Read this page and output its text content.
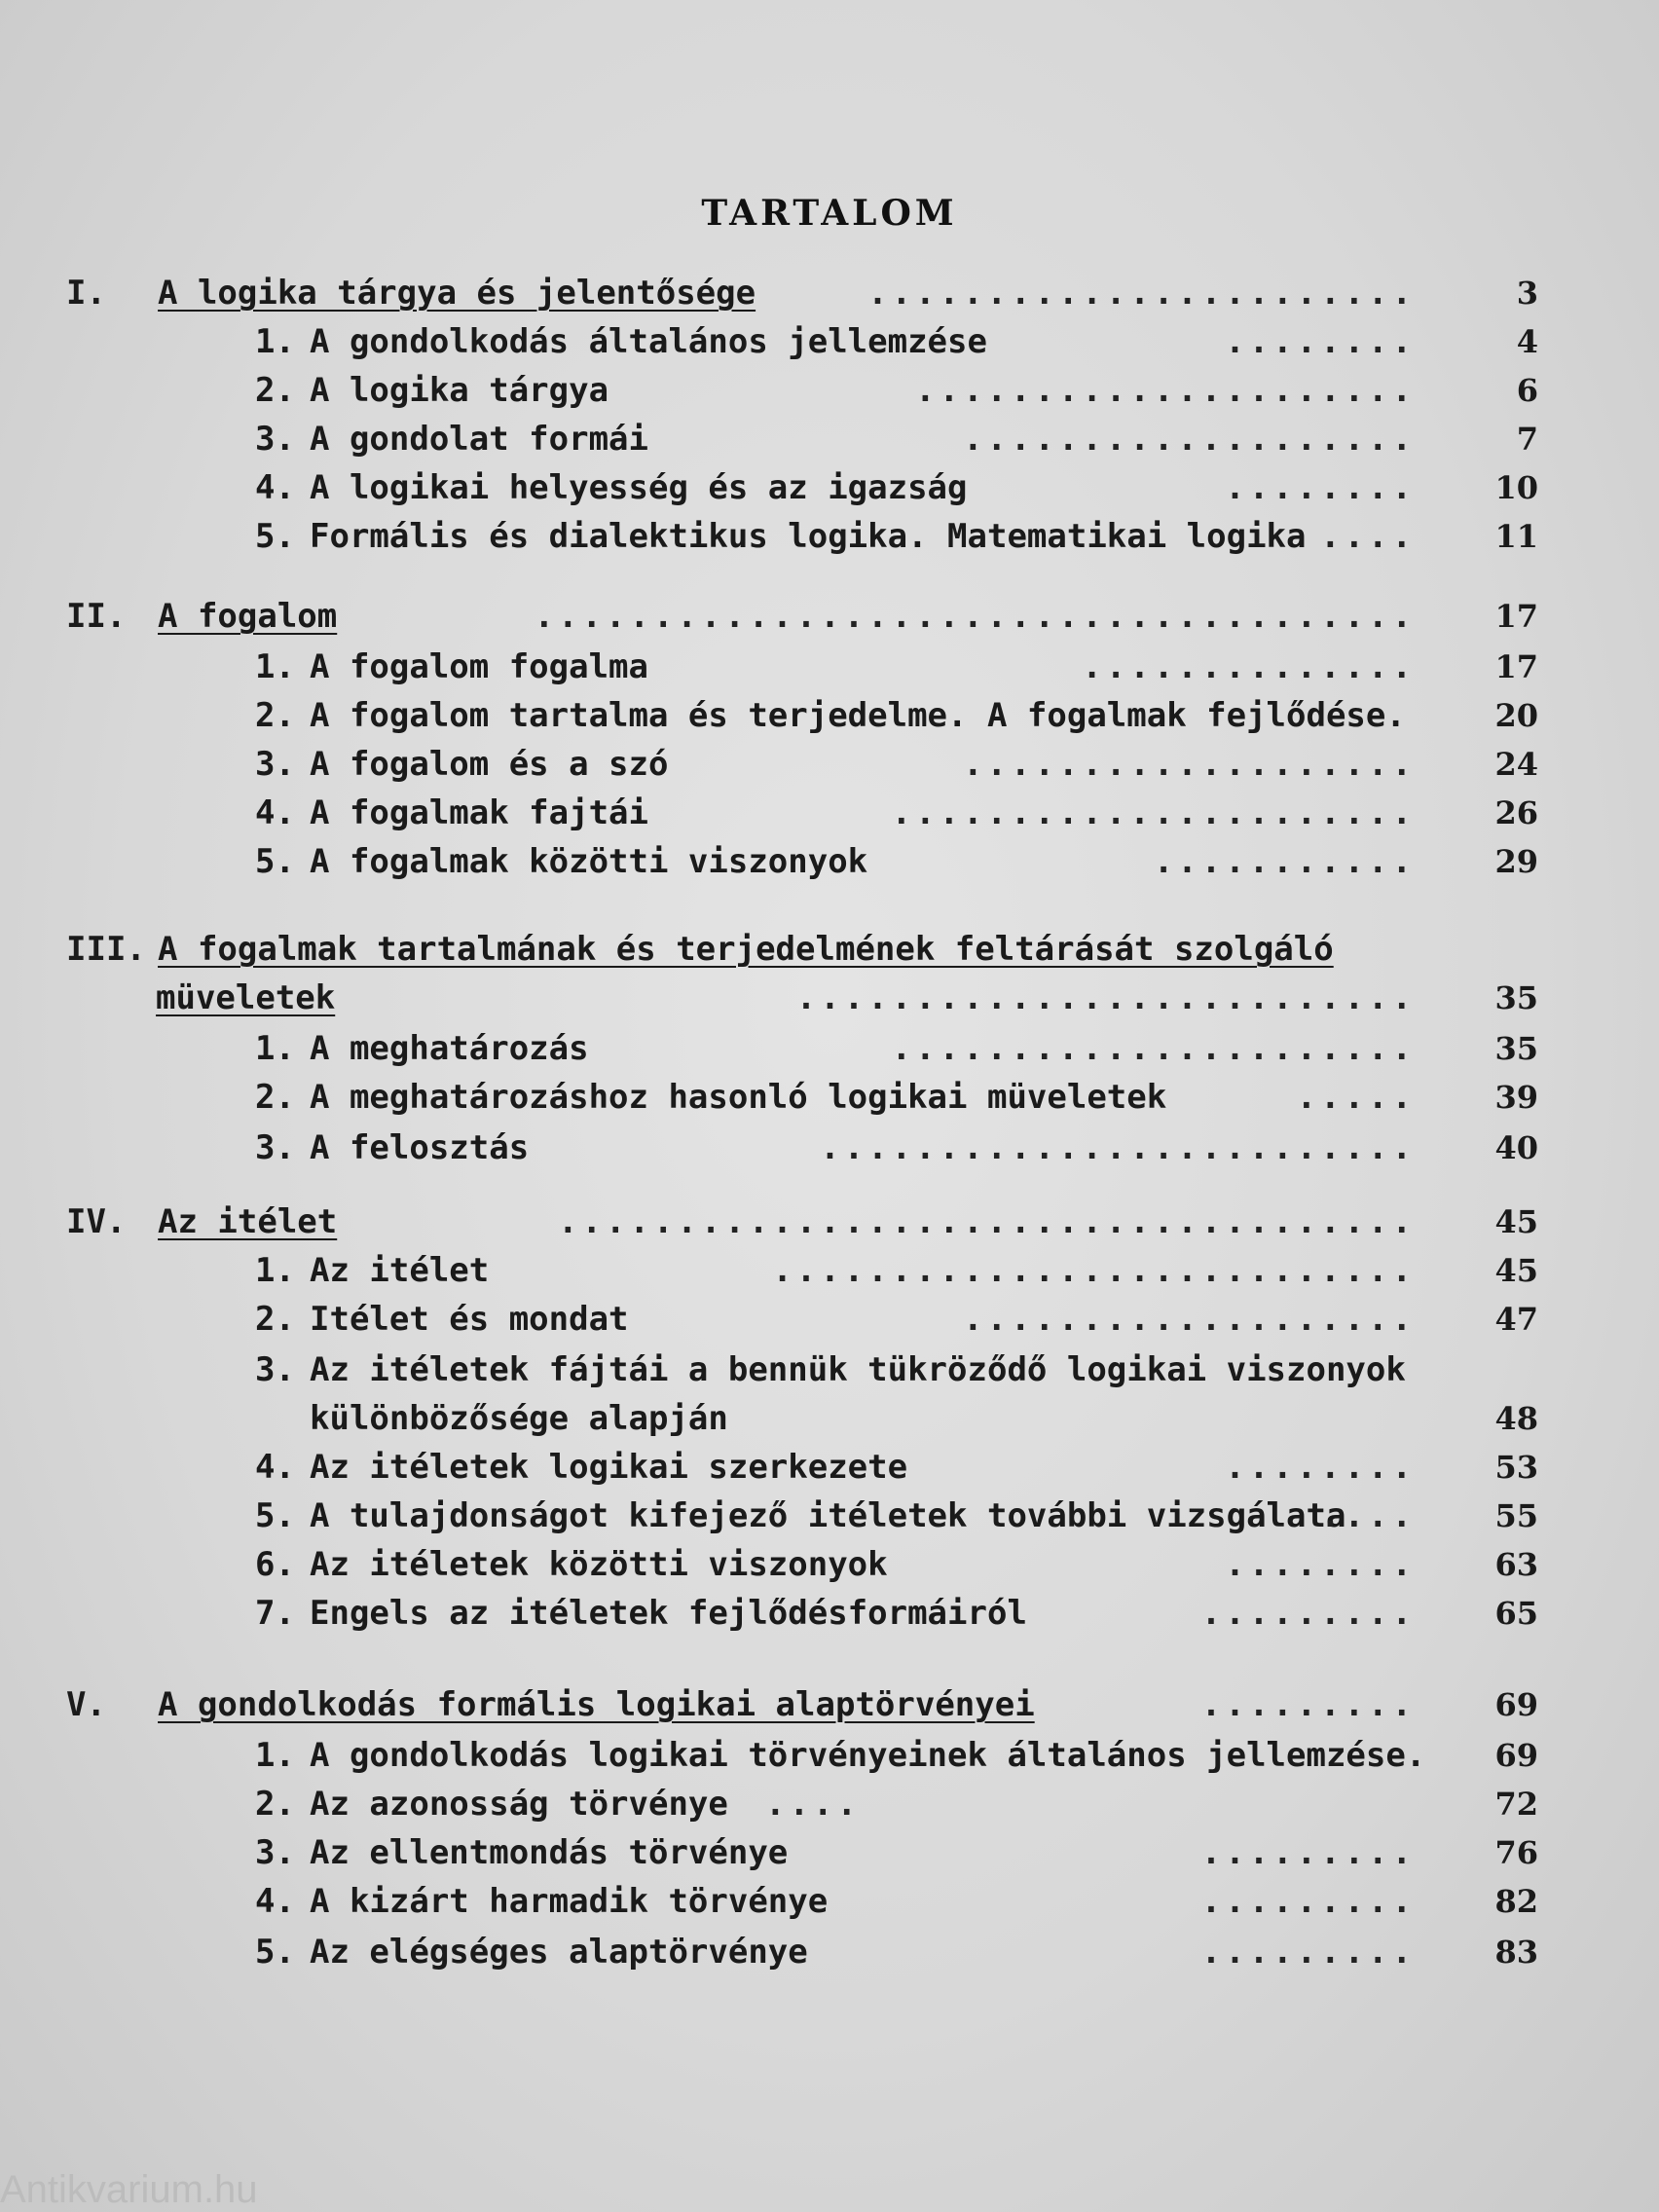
TARTALOM
I. A logika tárgya és jelentősége	.......................	3
1. A gondolkodás általános jellemzése	........	4
2. A logika tárgya	.....................	6
3. A gondolat formái	...................	7
4. A logikai helyesség és az igazság	........	10
5. Formális és dialektikus logika. Matematikai logika ....	11
II. A fogalom	.....................................	17
1. A fogalom fogalma	..............	17
2. A fogalom tartalma és terjedelme. A fogalmak fejlődése.	20
3. A fogalom és a szó	...................	24
4. A fogalmak fajtái	......................	26
5. A fogalmak közötti viszonyok	...........	29
III. A fogalmak tartalmának és terjedelmének feltárását szolgáló
müveletek	..........................	35
1. A meghatározás	......................	35
2. A meghatározáshoz hasonló logikai müveletek	.....	39
3. A felosztás	.........................	40
IV. Az itélet	....................................	45
1. Az itélet	...........................	45
2. Itélet és mondat	...................	47
3. Az itéletek fájtái a bennük tükröződő logikai viszonyok
különbözősége alapján	48
4. Az itéletek logikai szerkezete	........	53
5. A tulajdonságot kifejező itéletek további vizsgálata
....	55
6. Az itéletek közötti viszonyok	........	63
7. Engels az itéletek fejlődésformáiról	.........	65
V. A gondolkodás formális logikai alaptörvényei	.........	69
1. A gondolkodás logikai törvényeinek általános jellemzése.	69
2. Az azonosság törvénye ....	72
3. Az ellentmondás törvénye	.........	76
4. A kizárt harmadik törvénye	.........	82
5. Az elégséges alaptörvénye	.........	83
Antikvarium.hu
